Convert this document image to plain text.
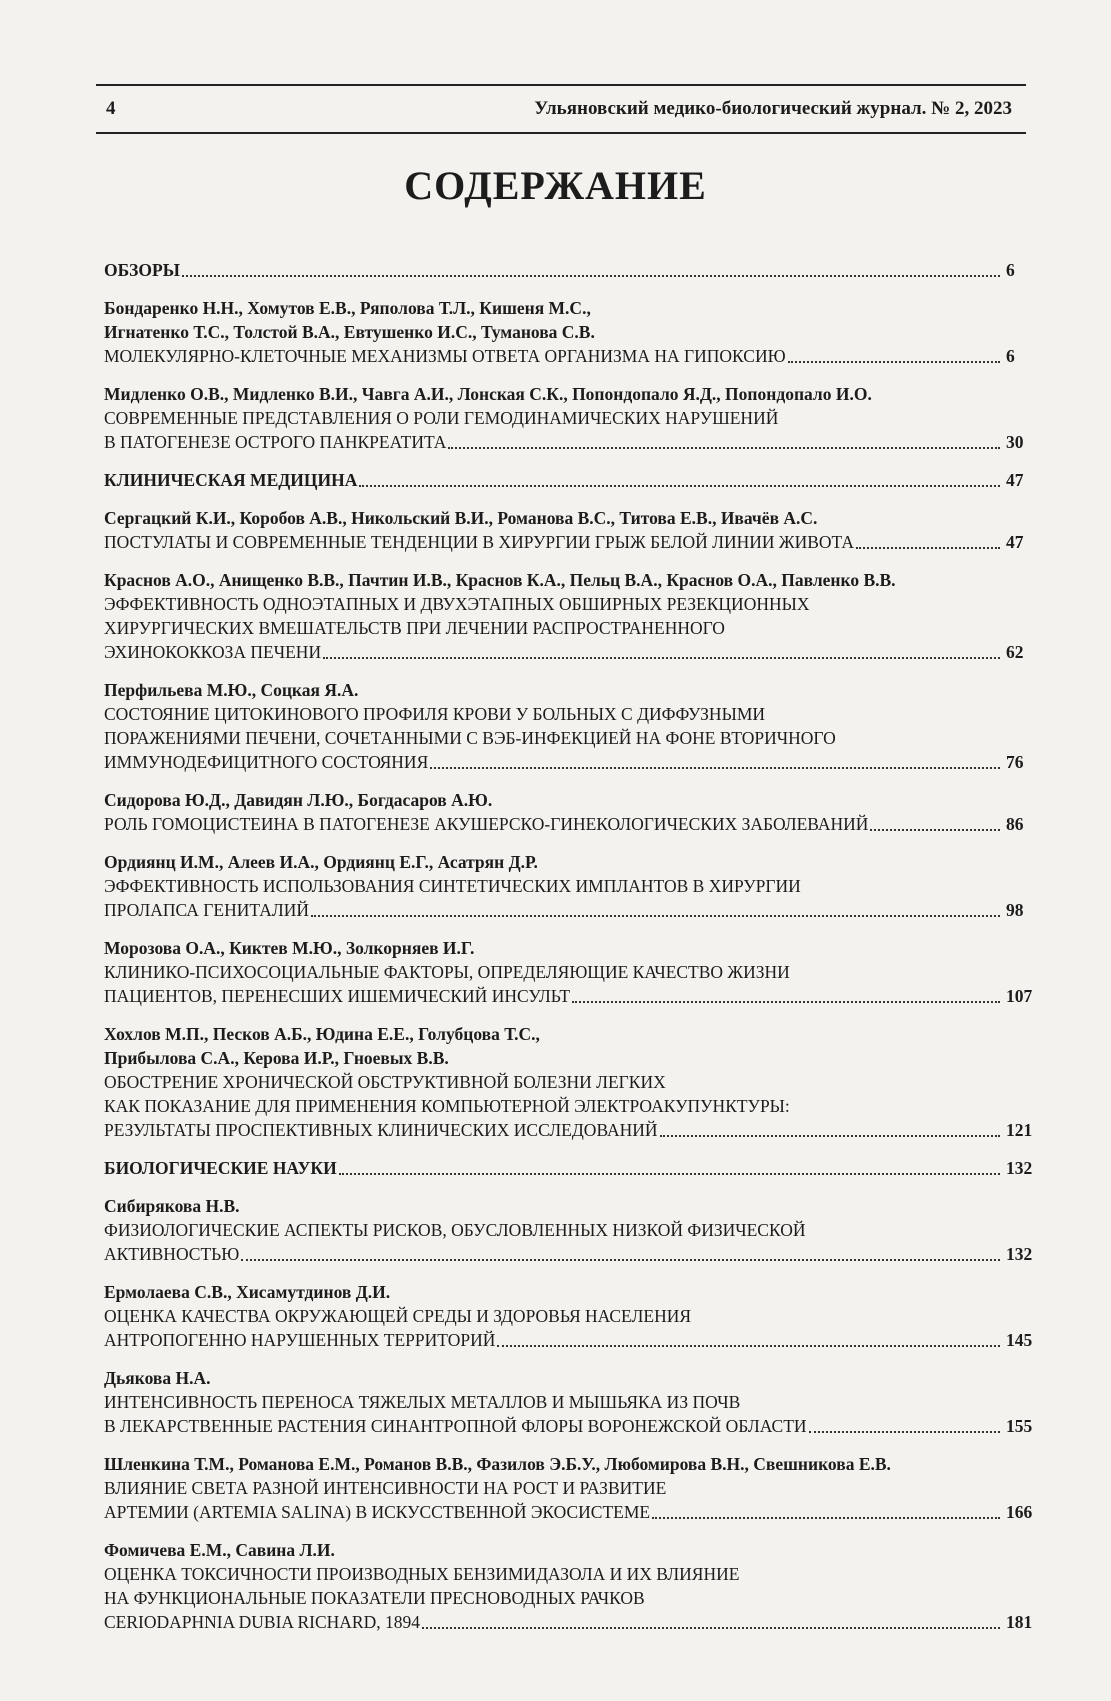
4	Ульяновский медико-биологический журнал. № 2, 2023
СОДЕРЖАНИЕ
ОБЗОРЫ	6
Бондаренко Н.Н., Хомутов Е.В., Ряполова Т.Л., Кишеня М.С.,
Игнатенко Т.С., Толстой В.А., Евтушенко И.С., Туманова С.В.
МОЛЕКУЛЯРНО-КЛЕТОЧНЫЕ МЕХАНИЗМЫ ОТВЕТА ОРГАНИЗМА НА ГИПОКСИЮ	6
Мидленко О.В., Мидленко В.И., Чавга А.И., Лонская С.К., Попондопало Я.Д., Попондопало И.О.
СОВРЕМЕННЫЕ ПРЕДСТАВЛЕНИЯ О РОЛИ ГЕМОДИНАМИЧЕСКИХ НАРУШЕНИЙ
В ПАТОГЕНЕЗЕ ОСТРОГО ПАНКРЕАТИТА	30
КЛИНИЧЕСКАЯ МЕДИЦИНА	47
Сергацкий К.И., Коробов А.В., Никольский В.И., Романова В.С., Титова Е.В., Ивачёв А.С.
ПОСТУЛАТЫ И СОВРЕМЕННЫЕ ТЕНДЕНЦИИ В ХИРУРГИИ ГРЫЖ БЕЛОЙ ЛИНИИ ЖИВОТА	47
Краснов А.О., Анищенко В.В., Пачтин И.В., Краснов К.А., Пельц В.А., Краснов О.А., Павленко В.В.
ЭФФЕКТИВНОСТЬ ОДНОЭТАПНЫХ И ДВУХЭТАПНЫХ ОБШИРНЫХ РЕЗЕКЦИОННЫХ
ХИРУРГИЧЕСКИХ ВМЕШАТЕЛЬСТВ ПРИ ЛЕЧЕНИИ РАСПРОСТРАНЕННОГО
ЭХИНОКОККОЗА ПЕЧЕНИ	62
Перфильева М.Ю., Соцкая Я.А.
СОСТОЯНИЕ ЦИТОКИНОВОГО ПРОФИЛЯ КРОВИ У БОЛЬНЫХ С ДИФФУЗНЫМИ
ПОРАЖЕНИЯМИ ПЕЧЕНИ, СОЧЕТАННЫМИ С ВЭБ-ИНФЕКЦИЕЙ НА ФОНЕ ВТОРИЧНОГО
ИММУНОДЕФИЦИТНОГО СОСТОЯНИЯ	76
Сидорова Ю.Д., Давидян Л.Ю., Богдасаров А.Ю.
РОЛЬ ГОМОЦИСТЕИНА В ПАТОГЕНЕЗЕ АКУШЕРСКО-ГИНЕКОЛОГИЧЕСКИХ ЗАБОЛЕВАНИЙ	86
Ордиянц И.М., Алеев И.А., Ордиянц Е.Г., Асатрян Д.Р.
ЭФФЕКТИВНОСТЬ ИСПОЛЬЗОВАНИЯ СИНТЕТИЧЕСКИХ ИМПЛАНТОВ В ХИРУРГИИ
ПРОЛАПСА ГЕНИТАЛИЙ	98
Морозова О.А., Киктев М.Ю., Золкорняев И.Г.
КЛИНИКО-ПСИХОСОЦИАЛЬНЫЕ ФАКТОРЫ, ОПРЕДЕЛЯЮЩИЕ КАЧЕСТВО ЖИЗНИ
ПАЦИЕНТОВ, ПЕРЕНЕСШИХ ИШЕМИЧЕСКИЙ ИНСУЛЬТ	107
Хохлов М.П., Песков А.Б., Юдина Е.Е., Голубцова Т.С.,
Прибылова С.А., Керова И.Р., Гноевых В.В.
ОБОСТРЕНИЕ ХРОНИЧЕСКОЙ ОБСТРУКТИВНОЙ БОЛЕЗНИ ЛЕГКИХ
КАК ПОКАЗАНИЕ ДЛЯ ПРИМЕНЕНИЯ КОМПЬЮТЕРНОЙ ЭЛЕКТРОАКУПУНКТУРЫ:
РЕЗУЛЬТАТЫ ПРОСПЕКТИВНЫХ КЛИНИЧЕСКИХ ИССЛЕДОВАНИЙ	121
БИОЛОГИЧЕСКИЕ НАУКИ	132
Сибирякова Н.В.
ФИЗИОЛОГИЧЕСКИЕ АСПЕКТЫ РИСКОВ, ОБУСЛОВЛЕННЫХ НИЗКОЙ ФИЗИЧЕСКОЙ
АКТИВНОСТЬЮ	132
Ермолаева С.В., Хисамутдинов Д.И.
ОЦЕНКА КАЧЕСТВА ОКРУЖАЮЩЕЙ СРЕДЫ И ЗДОРОВЬЯ НАСЕЛЕНИЯ
АНТРОПОГЕННО НАРУШЕННЫХ ТЕРРИТОРИЙ	145
Дьякова Н.А.
ИНТЕНСИВНОСТЬ ПЕРЕНОСА ТЯЖЕЛЫХ МЕТАЛЛОВ И МЫШЬЯКА ИЗ ПОЧВ
В ЛЕКАРСТВЕННЫЕ РАСТЕНИЯ СИНАНТРОПНОЙ ФЛОРЫ ВОРОНЕЖСКОЙ ОБЛАСТИ	155
Шленкина Т.М., Романова Е.М., Романов В.В., Фазилов Э.Б.У., Любомирова В.Н., Свешникова Е.В.
ВЛИЯНИЕ СВЕТА РАЗНОЙ ИНТЕНСИВНОСТИ НА РОСТ И РАЗВИТИЕ
АРТЕМИИ (ARTEMIA SALINA) В ИСКУССТВЕННОЙ ЭКОСИСТЕМЕ	166
Фомичева Е.М., Савина Л.И.
ОЦЕНКА ТОКСИЧНОСТИ ПРОИЗВОДНЫХ БЕНЗИМИДАЗОЛА И ИХ ВЛИЯНИЕ
НА ФУНКЦИОНАЛЬНЫЕ ПОКАЗАТЕЛИ ПРЕСНОВОДНЫХ РАЧКОВ
CERIODAPHNIA DUBIA RICHARD, 1894	181
